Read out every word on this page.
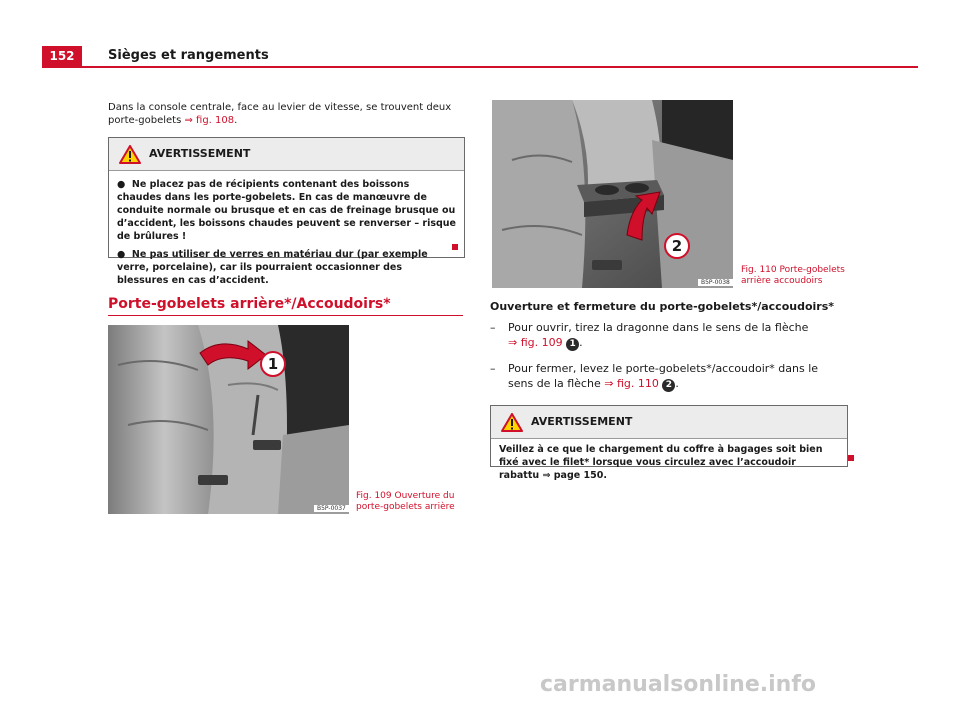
152	Sièges et rangements
Dans la console centrale, face au levier de vitesse, se trouvent deux porte-gobelets ⇒ fig. 108.
AVERTISSEMENT

● Ne placez pas de récipients contenant des boissons chaudes dans les porte-gobelets. En cas de manœuvre de conduite normale ou brusque et en cas de freinage brusque ou d’accident, les boissons chaudes peuvent se renverser – risque de brûlures !

● Ne pas utiliser de verres en matériau dur (par exemple verre, porcelaine), car ils pourraient occasionner des blessures en cas d’accident.

Porte-gobelets arrière*/Accoudoirs*
1
B5P-0037
Fig. 109 Ouverture du
porte-gobelets arrière
2
B5P-0038
Fig. 110 Porte-gobelets
arrière accoudoirs
Ouverture et fermeture du porte-gobelets*/accoudoirs*
– Pour ouvrir, tirez la dragonne dans le sens de la flèche
⇒ fig. 109 1 .
– Pour fermer, levez le porte-gobelets*/accoudoir* dans le sens de la flèche ⇒ fig. 110 2 .
AVERTISSEMENT
Veillez à ce que le chargement du coffre à bagages soit bien fixé avec le filet* lorsque vous circulez avec l’accoudoir rabattu ⇒ page 150.
carmanualsonline.info
